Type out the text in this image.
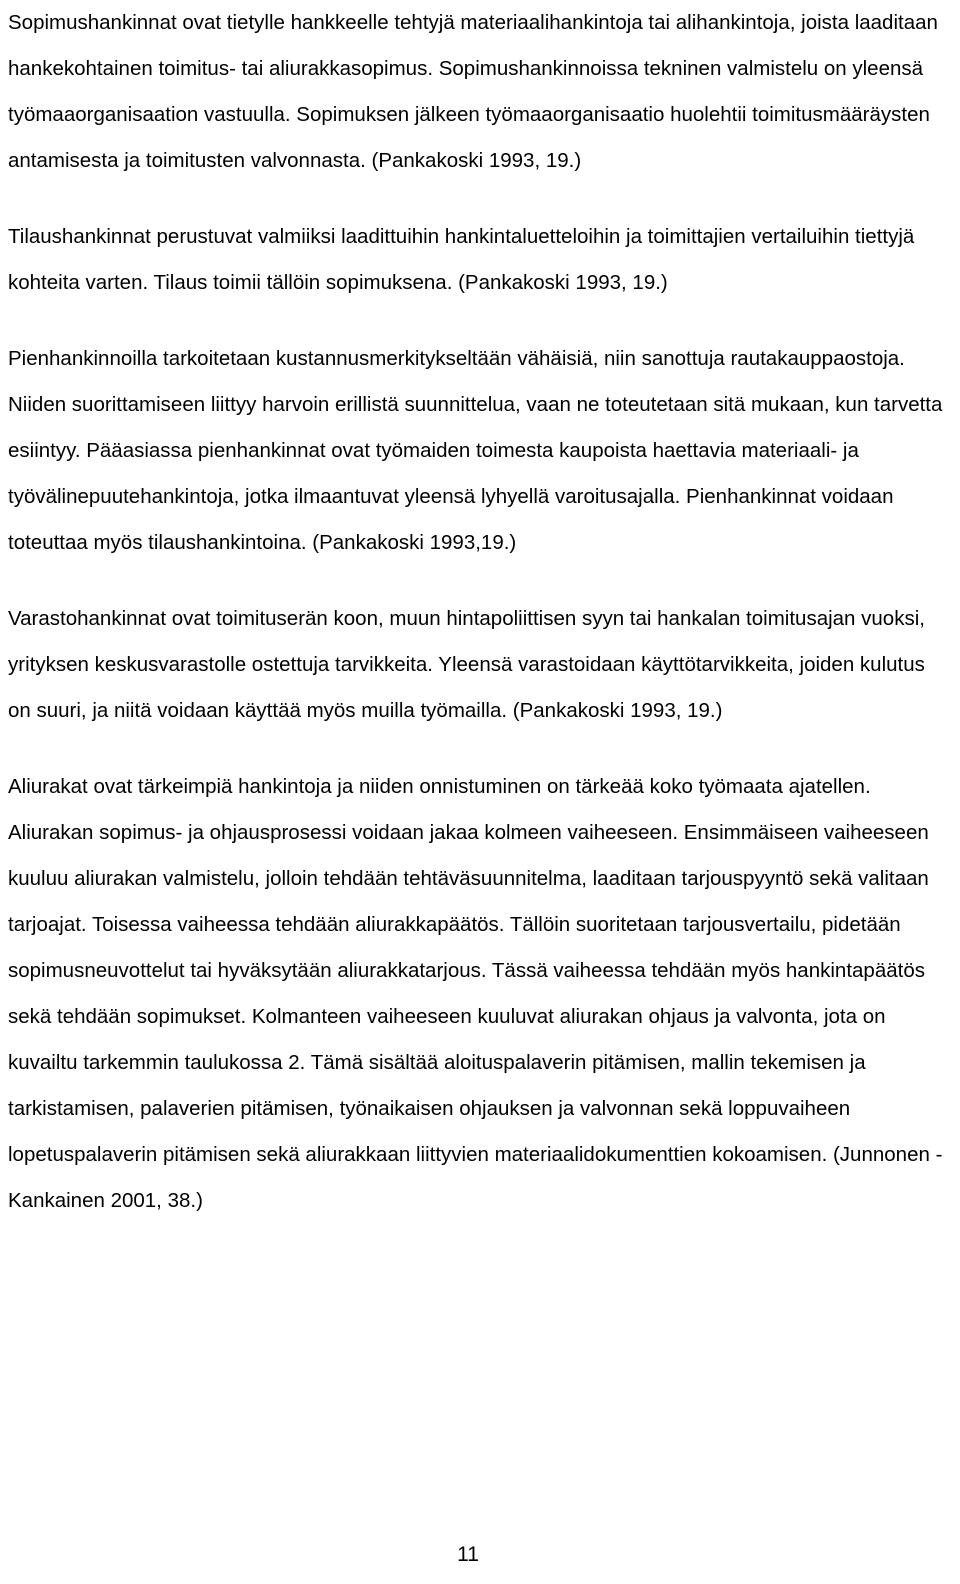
Sopimushankinnat ovat tietylle hankkeelle tehtyjä materiaalihankintoja tai alihankintoja, joista laaditaan hankekohtainen toimitus- tai aliurakkasopimus. Sopimushankinnoissa tekninen valmistelu on yleensä työmaaorganisaation vastuulla. Sopimuksen jälkeen työmaaorganisaatio huolehtii toimitusmääräysten antamisesta ja toimitusten valvonnasta. (Pankakoski 1993, 19.)

Tilaushankinnat perustuvat valmiiksi laadittuihin hankintaluetteloihin ja toimittajien vertailuihin tiettyjä kohteita varten. Tilaus toimii tällöin sopimuksena. (Pankakoski 1993, 19.)

Pienhankinnoilla tarkoitetaan kustannusmerkitykseltään vähäisiä, niin sanottuja rautakauppaostoja. Niiden suorittamiseen liittyy harvoin erillistä suunnittelua, vaan ne toteutetaan sitä mukaan, kun tarvetta esiintyy. Pääasiassa pienhankinnat ovat työmaiden toimesta kaupoista haettavia materiaali- ja työvälinepuutehankintoja, jotka ilmaantuvat yleensä lyhyellä varoitusajalla. Pienhankinnat voidaan toteuttaa myös tilaushankintoina. (Pankakoski 1993,19.)

Varastohankinnat ovat toimituserän koon, muun hintapoliittisen syyn tai hankalan toimitusajan vuoksi, yrityksen keskusvarastolle ostettuja tarvikkeita. Yleensä varastoidaan käyttötarvikkeita, joiden kulutus on suuri, ja niitä voidaan käyttää myös muilla työmailla. (Pankakoski 1993, 19.)

Aliurakat ovat tärkeimpiä hankintoja ja niiden onnistuminen on tärkeää koko työmaata ajatellen. Aliurakan sopimus- ja ohjausprosessi voidaan jakaa kolmeen vaiheeseen. Ensimmäiseen vaiheeseen kuuluu aliurakan valmistelu, jolloin tehdään tehtäväsuunnitelma, laaditaan tarjouspyyntö sekä valitaan tarjoajat. Toisessa vaiheessa tehdään aliurakkapäätös. Tällöin suoritetaan tarjousvertailu, pidetään sopimusneuvottelut tai hyväksytään aliurakkatarjous. Tässä vaiheessa tehdään myös hankintapäätös sekä tehdään sopimukset. Kolmanteen vaiheeseen kuuluvat aliurakan ohjaus ja valvonta, jota on kuvailtu tarkemmin taulukossa 2. Tämä sisältää aloituspalaverin pitämisen, mallin tekemisen ja tarkistamisen, palaverien pitämisen, työnaikaisen ohjauksen ja valvonnan sekä loppuvaiheen lopetuspalaverin pitämisen sekä aliurakkaan liittyvien materiaalidokumenttien kokoamisen. (Junnonen - Kankainen 2001, 38.)

11
